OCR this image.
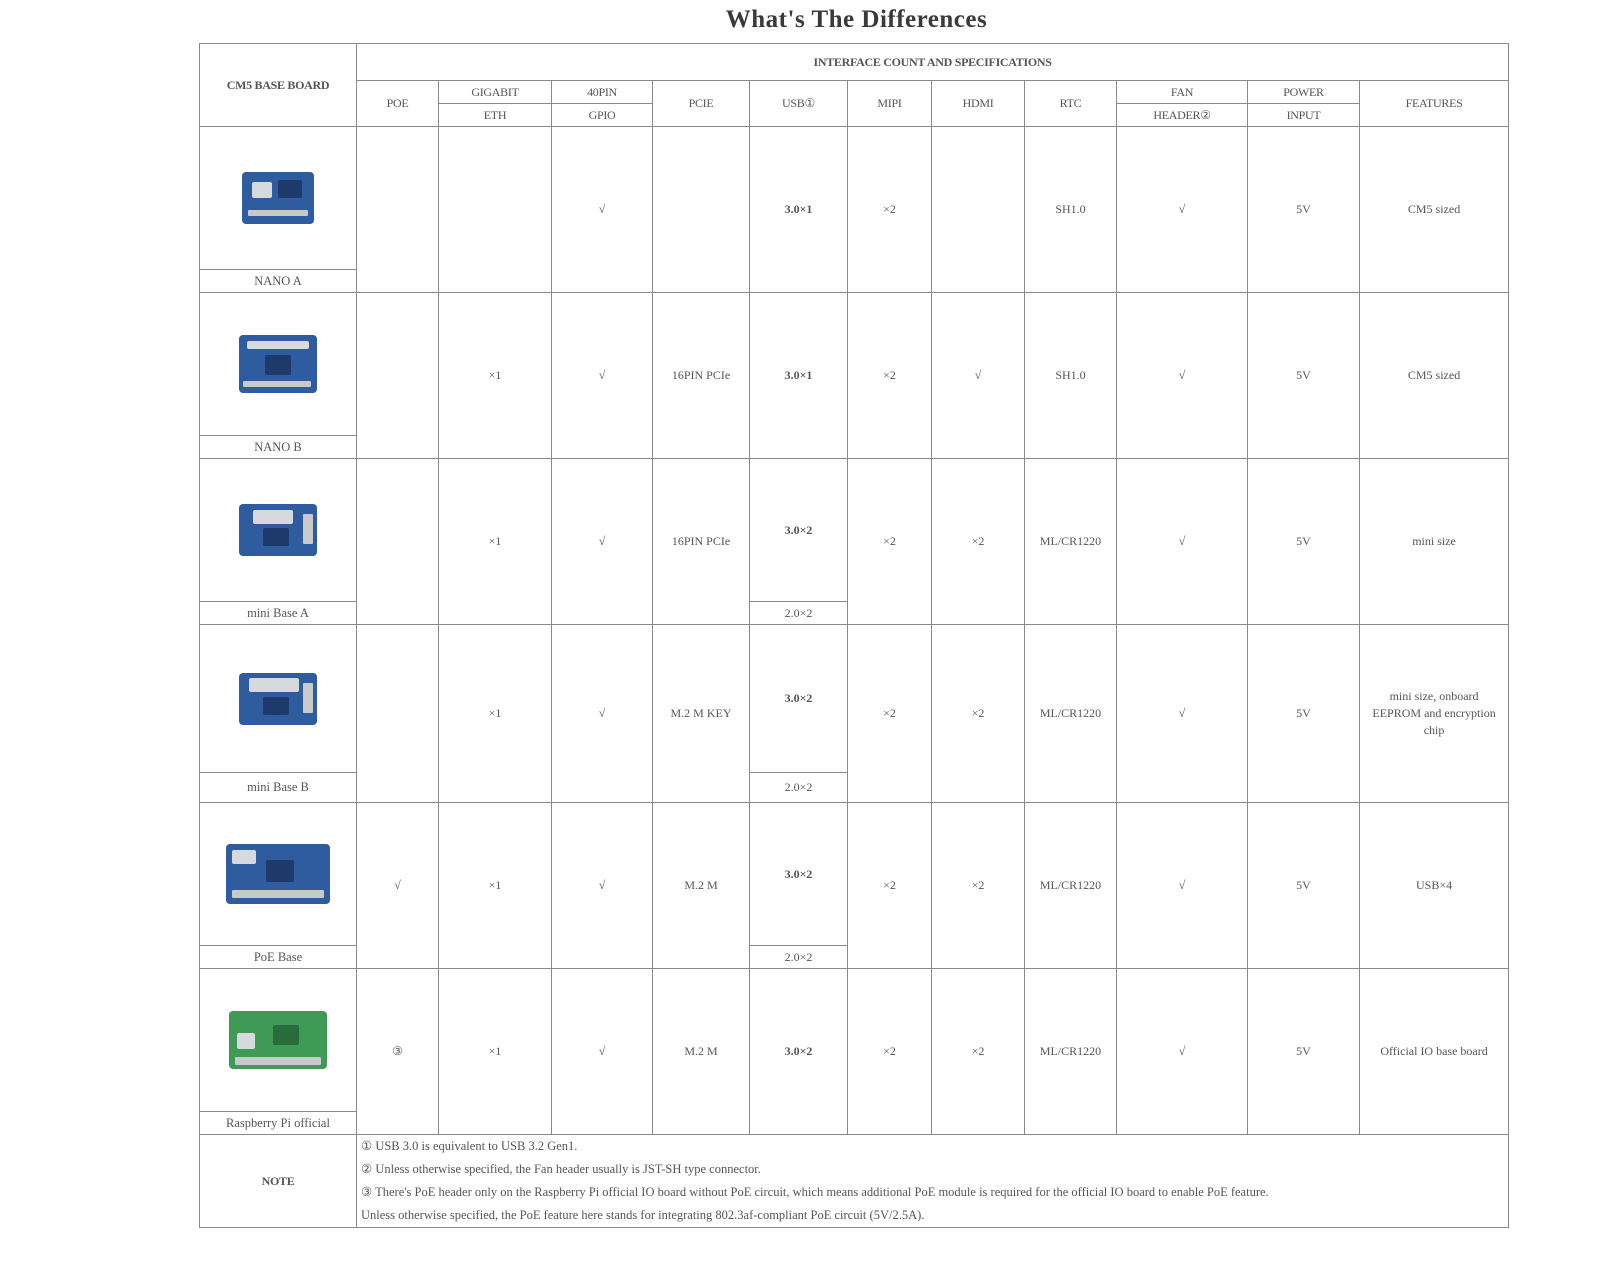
What's The Differences
CM5 BASE BOARD	INTERFACE COUNT AND SPECIFICATIONS										
	POE	GIGABIT	40PIN	PCIE	USB①	MIPI	HDMI	RTC	FAN	POWER	FEATURES
		ETH	GPIO						HEADER②	INPUT	

			√		3.0×1	×2		SH1.0	√	5V	CM5 sized
NANO A											

		×1	√	16PIN PCIe	3.0×1	×2	√	SH1.0	√	5V	CM5 sized
NANO B											

		×1	√	16PIN PCIe	3.0×2	×2	×2	ML/CR1220	√	5V	mini size
mini Base A					2.0×2						

		×1	√	M.2 M KEY	3.0×2	×2	×2	ML/CR1220	√	5V	mini size, onboard EEPROM and encryption chip
mini Base B					2.0×2						

	√	×1	√	M.2 M	3.0×2	×2	×2	ML/CR1220	√	5V	USB×4
PoE Base					2.0×2						

	③	×1	√	M.2 M	3.0×2	×2	×2	ML/CR1220	√	5V	Official IO base board
Raspberry Pi official											
NOTE	① USB 3.0 is equivalent to USB 3.2 Gen1.
② Unless otherwise specified, the Fan header usually is JST-SH type connector.
③ There's PoE header only on the Raspberry Pi official IO board without PoE circuit, which means additional PoE module is required for the official IO board to enable PoE feature.
Unless otherwise specified, the PoE feature here stands for integrating 802.3af-compliant PoE circuit (5V/2.5A).										
